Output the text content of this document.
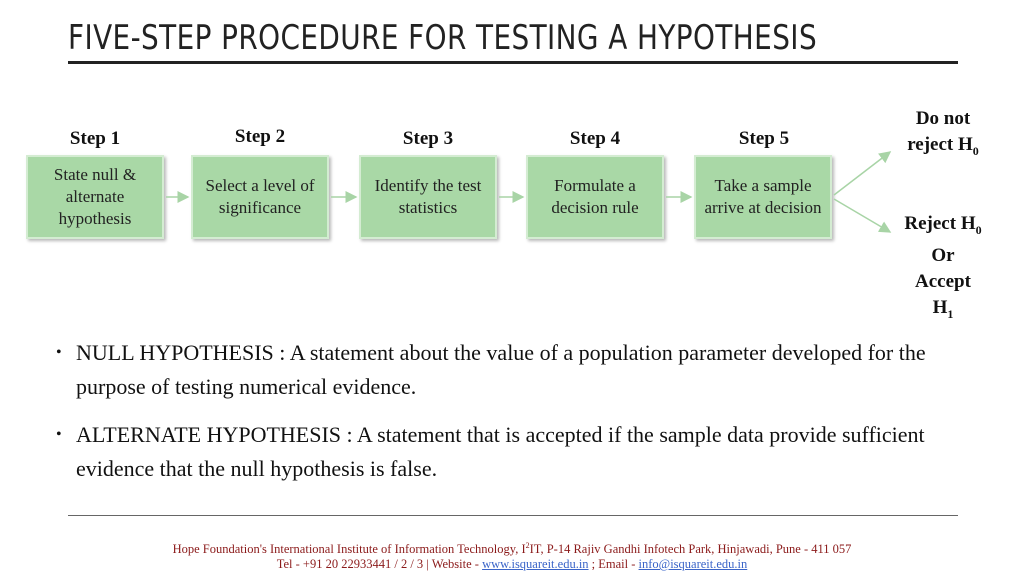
FIVE-STEP PROCEDURE FOR TESTING A HYPOTHESIS
Step 1	Step 2	Step 3	Step 4	Step 5
State null & alternate hypothesis
Select a level of significance
Identify the test statistics
Formulate a decision rule
Take a sample arrive at decision
Do not
reject $H_0$
Reject $H_0$
Or
Accept
$H_1$
• NULL HYPOTHESIS : A statement about the value of a population parameter developed for the purpose of testing numerical evidence.
• ALTERNATE HYPOTHESIS : A statement that is accepted if the sample data provide sufficient evidence that the null hypothesis is false.
Hope Foundation's International Institute of Information Technology, $I^2IT$, P-14 Rajiv Gandhi Infotech Park, Hinjawadi, Pune - 411 057
Tel - +91 20 22933441 / 2 / 3 | Website - www.isquareit.edu.in ; Email - info@isquareit.edu.in
